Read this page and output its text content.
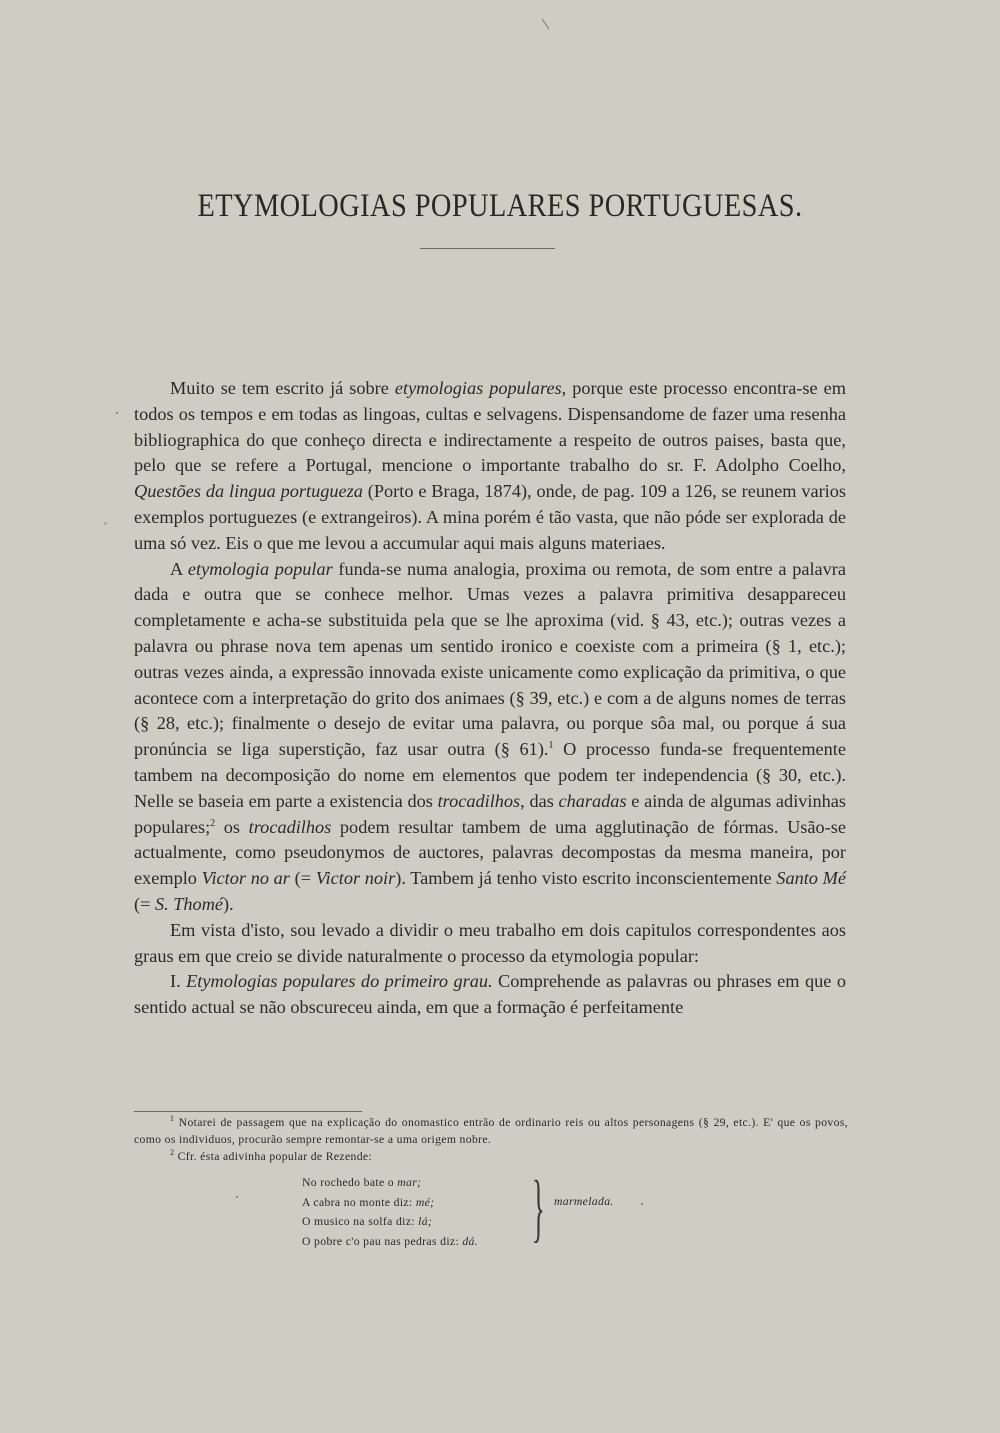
ETYMOLOGIAS POPULARES PORTUGUESAS.

Muito se tem escrito já sobre etymologias populares, porque este processo encontra-se em todos os tempos e em todas as lingoas, cultas e selvagens. Dispensandome de fazer uma resenha bibliographica do que conheço directa e indirectamente a respeito de outros paises, basta que, pelo que se refere a Portugal, mencione o importante trabalho do sr. F. Adolpho Coelho, Questões da lingua portugueza (Porto e Braga, 1874), onde, de pag. 109 a 126, se reunem varios exemplos portuguezes (e extrangeiros). A mina porém é tão vasta, que não póde ser explorada de uma só vez. Eis o que me levou a accumular aqui mais alguns materiaes.

A etymologia popular funda-se numa analogia, proxima ou remota, de som entre a palavra dada e outra que se conhece melhor. Umas vezes a palavra primitiva desappareceu completamente e acha-se substituida pela que se lhe aproxima (vid. § 43, etc.); outras vezes a palavra ou phrase nova tem apenas um sentido ironico e coexiste com a primeira (§ 1, etc.); outras vezes ainda, a expressão innovada existe unicamente como explicação da primitiva, o que acontece com a interpretação do grito dos animaes (§ 39, etc.) e com a de alguns nomes de terras (§ 28, etc.); finalmente o desejo de evitar uma palavra, ou porque sôa mal, ou porque á sua pronúncia se liga superstição, faz usar outra (§ 61).$^1$ O processo funda-se frequentemente tambem na decomposição do nome em elementos que podem ter independencia (§ 30, etc.). Nelle se baseia em parte a existencia dos trocadilhos, das charadas e ainda de algumas adivinhas populares;$^2$ os trocadilhos podem resultar tambem de uma agglutinação de fórmas. Usão-se actualmente, como pseudonymos de auctores, palavras decompostas da mesma maneira, por exemplo Victor no ar (= Victor noir). Tambem já tenho visto escrito inconscientemente Santo Mé (= S. Thomé).

Em vista d'isto, sou levado a dividir o meu trabalho em dois capitulos correspondentes aos graus em que creio se divide naturalmente o processo da etymologia popular:

I. Etymologias populares do primeiro grau. Comprehende as palavras ou phrases em que o sentido actual se não obscureceu ainda, em que a formação é perfeitamente

$^1$ Notarei de passagem que na explicação do onomastico entrão de ordinario reis ou altos personagens (§ 29, etc.). E' que os povos, como os individuos, procurão sempre remontar-se a uma origem nobre.

$^2$ Cfr. ésta adivinha popular de Rezende:

No rochedo bate o mar;
A cabra no monte diz: mé;
O musico na solfa diz: lá;
O pobre c'o pau nas pedras diz: dá. } marmelada.
